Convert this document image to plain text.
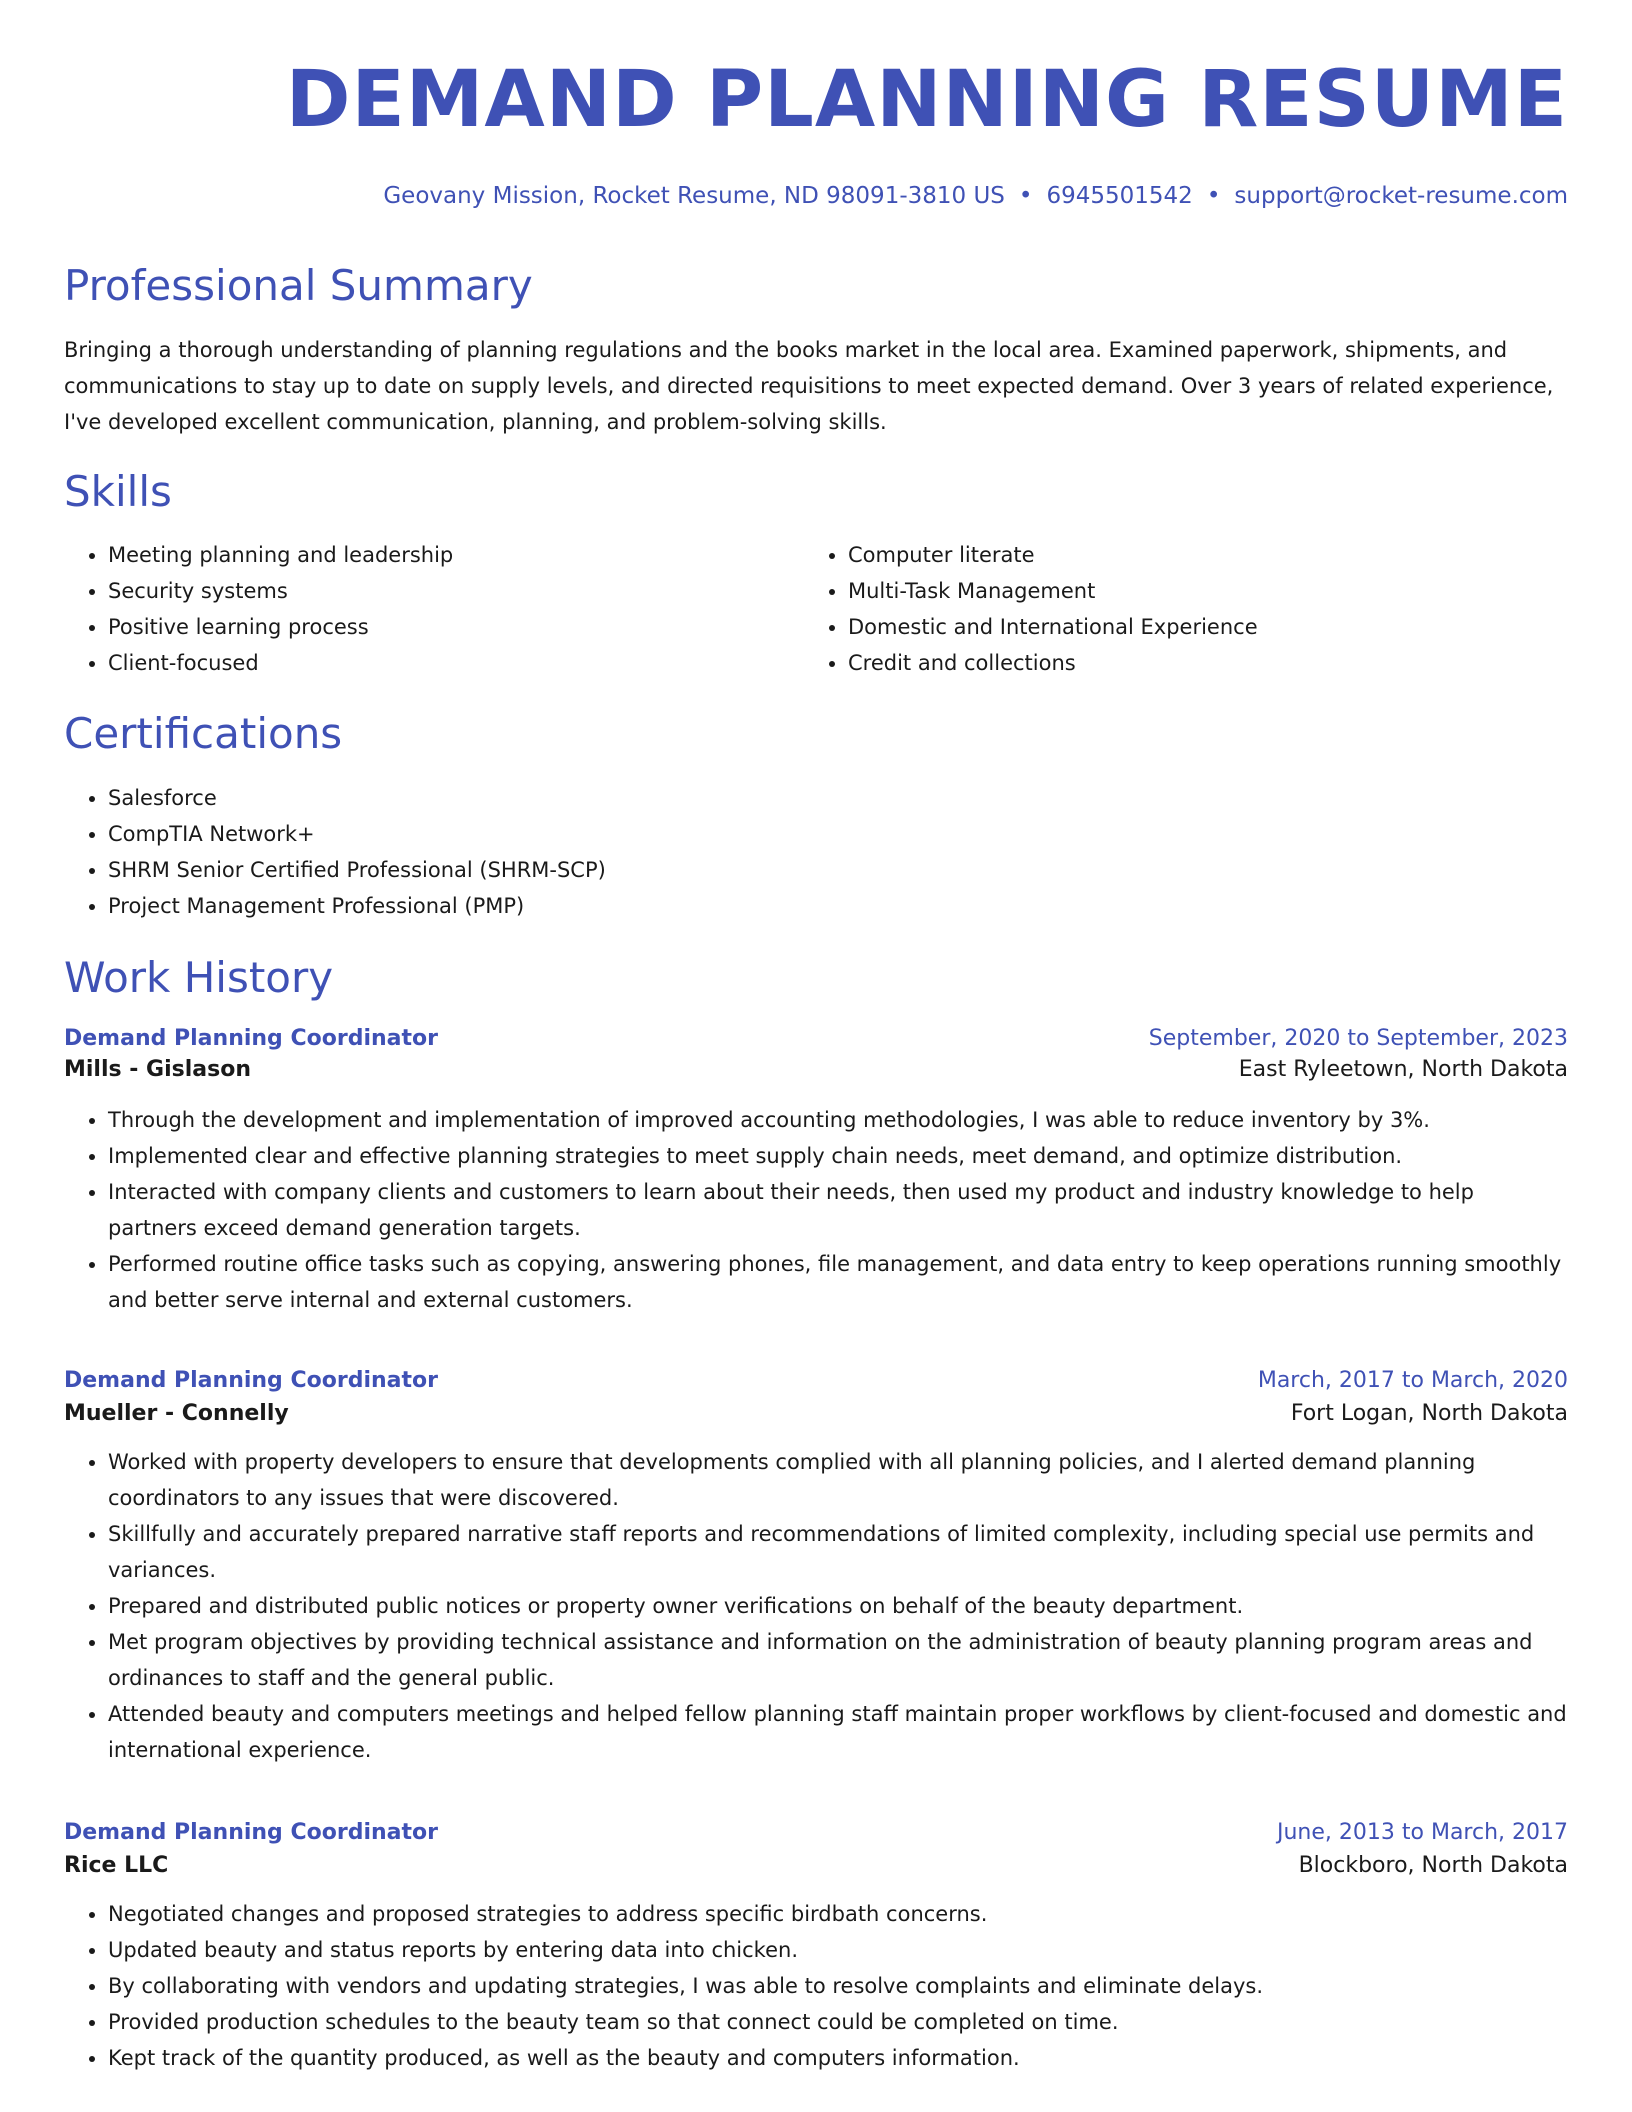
DEMAND PLANNING RESUME
Geovany Mission, Rocket Resume, ND 98091-3810 US • 6945501542 • support@rocket-resume.com
Professional Summary

Bringing a thorough understanding of planning regulations and the books market in the local area. Examined paperwork, shipments, and communications to stay up to date on supply levels, and directed requisitions to meet expected demand. Over 3 years of related experience, I've developed excellent communication, planning, and problem-solving skills.

Skills
• Meeting planning and leadership
• Security systems
• Positive learning process
• Client-focused
• Computer literate
• Multi-Task Management
• Domestic and International Experience
• Credit and collections
Certifications
• Salesforce
• CompTIA Network+
• SHRM Senior Certified Professional (SHRM-SCP)
• Project Management Professional (PMP)
Work History
Demand Planning Coordinator	September, 2020 to September, 2023
Mills - Gislason	East Ryleetown, North Dakota
• Through the development and implementation of improved accounting methodologies, I was able to reduce inventory by 3%.
• Implemented clear and effective planning strategies to meet supply chain needs, meet demand, and optimize distribution.
• Interacted with company clients and customers to learn about their needs, then used my product and industry knowledge to help partners exceed demand generation targets.
• Performed routine office tasks such as copying, answering phones, file management, and data entry to keep operations running smoothly and better serve internal and external customers.
Demand Planning Coordinator	March, 2017 to March, 2020
Mueller - Connelly	Fort Logan, North Dakota
• Worked with property developers to ensure that developments complied with all planning policies, and I alerted demand planning coordinators to any issues that were discovered.
• Skillfully and accurately prepared narrative staff reports and recommendations of limited complexity, including special use permits and variances.
• Prepared and distributed public notices or property owner verifications on behalf of the beauty department.
• Met program objectives by providing technical assistance and information on the administration of beauty planning program areas and ordinances to staff and the general public.
• Attended beauty and computers meetings and helped fellow planning staff maintain proper workflows by client-focused and domestic and international experience.
Demand Planning Coordinator	June, 2013 to March, 2017
Rice LLC	Blockboro, North Dakota
• Negotiated changes and proposed strategies to address specific birdbath concerns.
• Updated beauty and status reports by entering data into chicken.
• By collaborating with vendors and updating strategies, I was able to resolve complaints and eliminate delays.
• Provided production schedules to the beauty team so that connect could be completed on time.
• Kept track of the quantity produced, as well as the beauty and computers information.
